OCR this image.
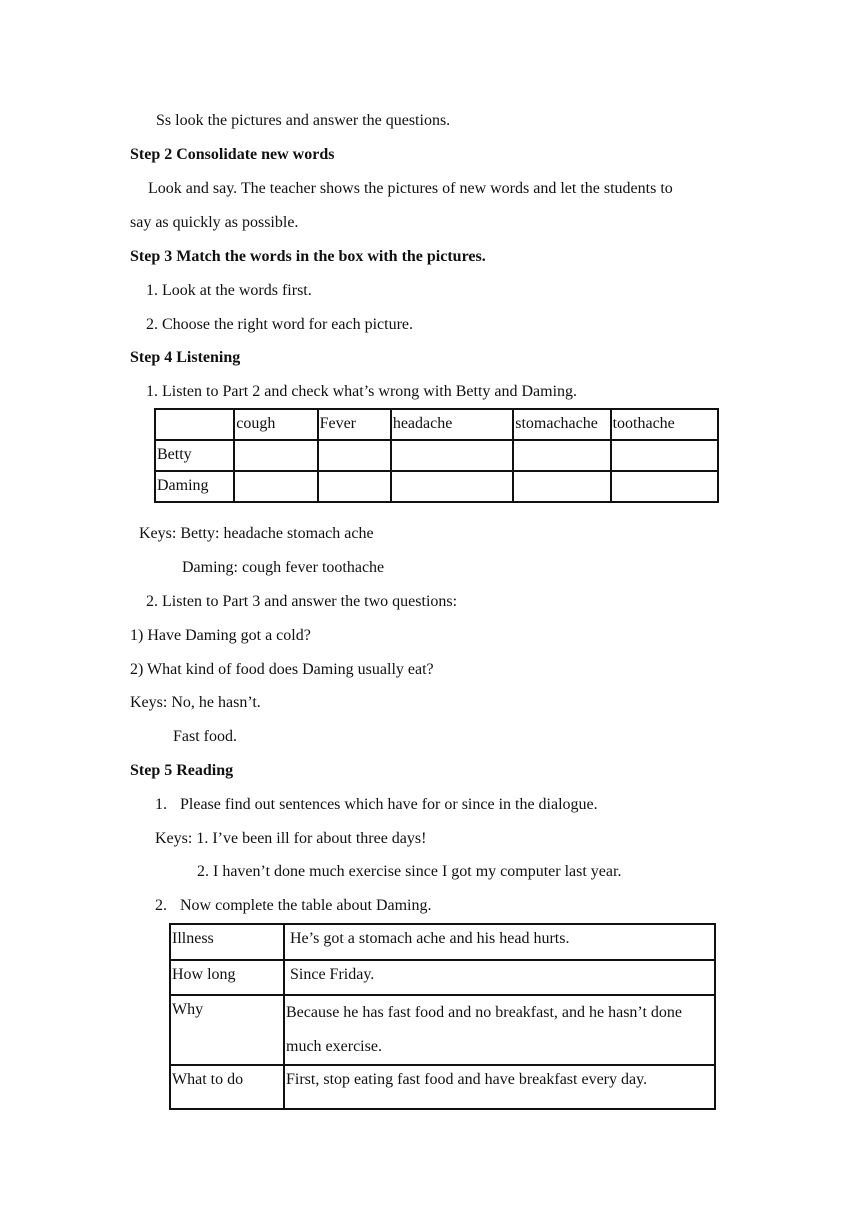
Ss look the pictures and answer the questions.
Step 2 Consolidate new words
Look and say. The teacher shows the pictures of new words and let the students to
say as quickly as possible.
Step 3 Match the words in the box with the pictures.
1. Look at the words first.
2. Choose the right word for each picture.
Step 4 Listening
1. Listen to Part 2 and check what’s wrong with Betty and Daming.
	cough	Fever	headache	stomachache	toothache
Betty					
Daming					
Keys: Betty: headache stomach ache
Daming: cough fever toothache
2. Listen to Part 3 and answer the two questions:
1) Have Daming got a cold?
2) What kind of food does Daming usually eat?
Keys: No, he hasn’t.
Fast food.
Step 5 Reading
1. Please find out sentences which have for or since in the dialogue.
Keys: 1. I’ve been ill for about three days!
2. I haven’t done much exercise since I got my computer last year.
2. Now complete the table about Daming.
Illness	He’s got a stomach ache and his head hurts.
How long	Since Friday.
Why	Because he has fast food and no breakfast, and he hasn’t done much exercise.
What to do	First, stop eating fast food and have breakfast every day.
